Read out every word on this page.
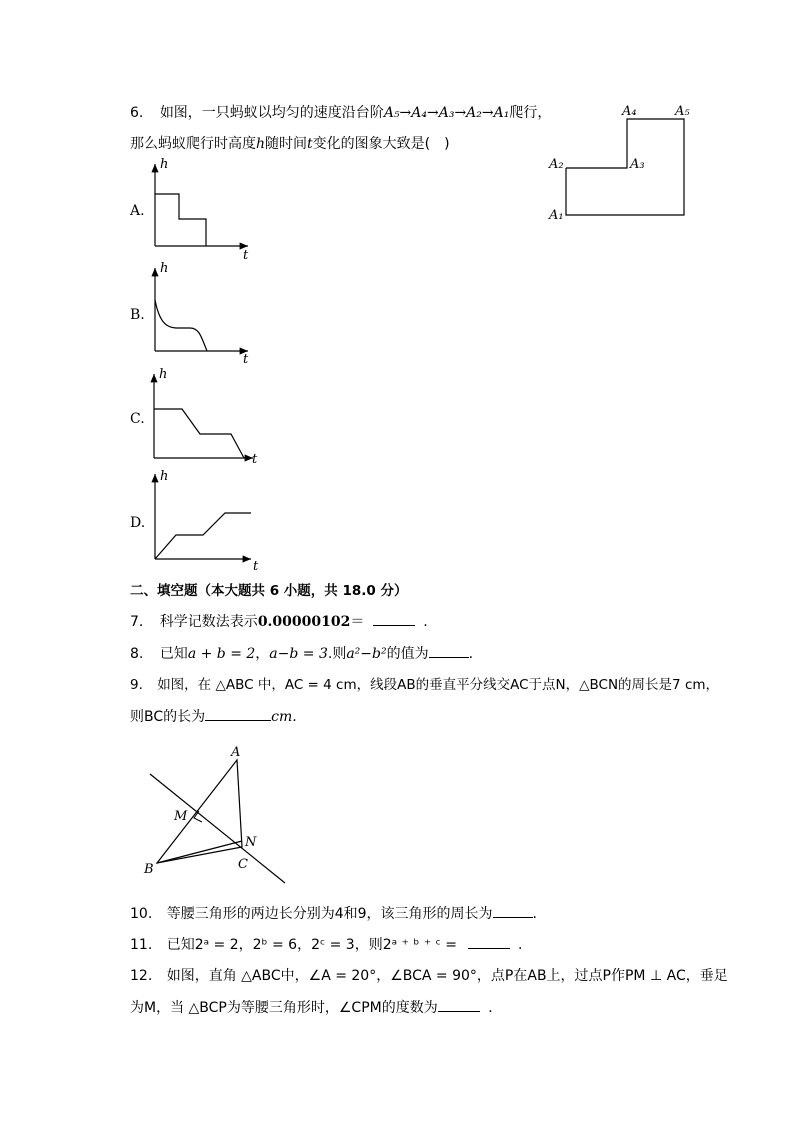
6. 如图，一只蚂蚁以均匀的速度沿台阶A₅→A₄→A₃→A₂→A₁爬行，
那么蚂蚁爬行时高度h随时间t变化的图象大致是(　)
A₁
A₂	A₃
A₄	A₅
A.
h
t
B.
h
t
C.
h
t
D.
h
t
二、填空题（本大题共 6 小题，共 18.0 分）
7. 科学记数法表示0.00000102＝	.
8. 已知a + b = 2，a−b = 3.则a²−b²的值为	.
9. 如图，在 △ABC 中，AC = 4 cm，线段AB的垂直平分线交AC于点N，△BCN的周长是7 cm，
则BC的长为	cm.
A
M
N
B	C
10. 等腰三角形的两边长分别为4和9，该三角形的周长为	.
11. 已知2ᵃ = 2，2ᵇ = 6，2ᶜ = 3，则2ᵃ ⁺ ᵇ ⁺ ᶜ =	.
12. 如图，直角 △ABC中，∠A = 20°，∠BCA = 90°，点P在AB上，过点P作PM ⊥ AC，垂足
为M，当 △BCP为等腰三角形时，∠CPM的度数为	.
